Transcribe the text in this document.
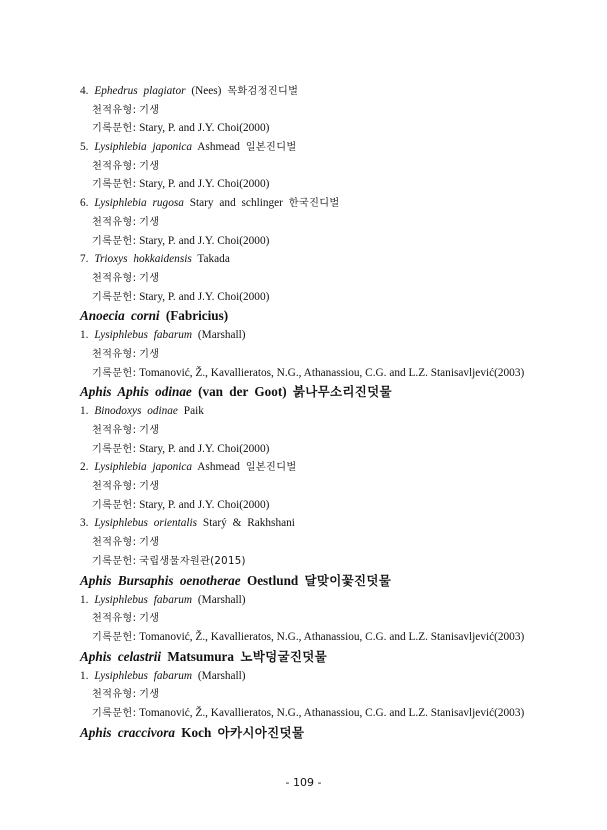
4. Ephedrus plagiator (Nees) 목화검정진디벌
천적유형: 기생
기록문헌: Stary, P. and J.Y. Choi(2000)
5. Lysiphlebia japonica Ashmead 일본진디벌
천적유형: 기생
기록문헌: Stary, P. and J.Y. Choi(2000)
6. Lysiphlebia rugosa Stary and schlinger 한국진디벌
천적유형: 기생
기록문헌: Stary, P. and J.Y. Choi(2000)
7. Trioxys hokkaidensis Takada
천적유형: 기생
기록문헌: Stary, P. and J.Y. Choi(2000)
Anoecia corni (Fabricius)
1. Lysiphlebus fabarum (Marshall)
천적유형: 기생
기록문헌: Tomanović, Ž., Kavallieratos, N.G., Athanassiou, C.G. and L.Z. Stanisavljević(2003)
Aphis Aphis odinae (van der Goot) 붉나무소리진덧물
1. Binodoxys odinae Paik
천적유형: 기생
기록문헌: Stary, P. and J.Y. Choi(2000)
2. Lysiphlebia japonica Ashmead 일본진디벌
천적유형: 기생
기록문헌: Stary, P. and J.Y. Choi(2000)
3. Lysiphlebus orientalis Starý & Rakhshani
천적유형: 기생
기록문헌: 국립생물자원관(2015)
Aphis Bursaphis oenotherae Oestlund 달맞이꽃진덧물
1. Lysiphlebus fabarum (Marshall)
천적유형: 기생
기록문헌: Tomanović, Ž., Kavallieratos, N.G., Athanassiou, C.G. and L.Z. Stanisavljević(2003)
Aphis celastrii Matsumura 노박덩굴진덧물
1. Lysiphlebus fabarum (Marshall)
천적유형: 기생
기록문헌: Tomanović, Ž., Kavallieratos, N.G., Athanassiou, C.G. and L.Z. Stanisavljević(2003)
Aphis craccivora Koch 아카시아진덧물
- 109 -
